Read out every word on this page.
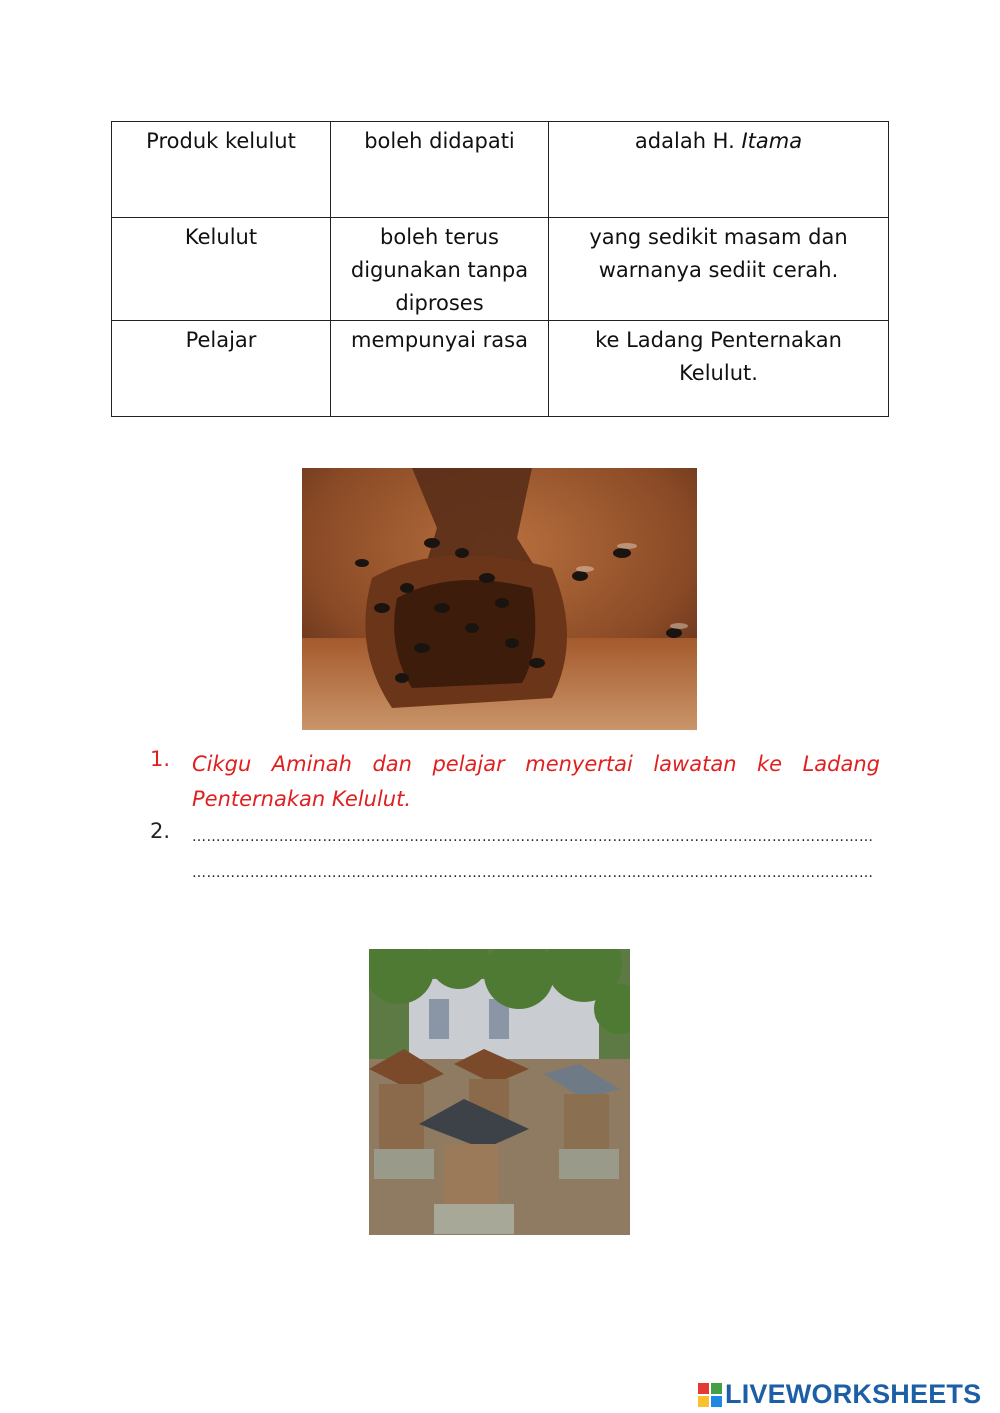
Produk kelulut	boleh didapati	adalah H. Itama
Kelulut	boleh terus digunakan tanpa diproses	yang sedikit masam dan warnanya sediit cerah.
Pelajar	mempunyai rasa	ke Ladang Penternakan Kelulut.
1. Cikgu Aminah dan pelajar menyertai lawatan ke Ladang Penternakan Kelulut.
2. ……………………………………………………………………………………………………………………………
……………………………………………………………………………………………………………………………
LIVEWORKSHEETS
